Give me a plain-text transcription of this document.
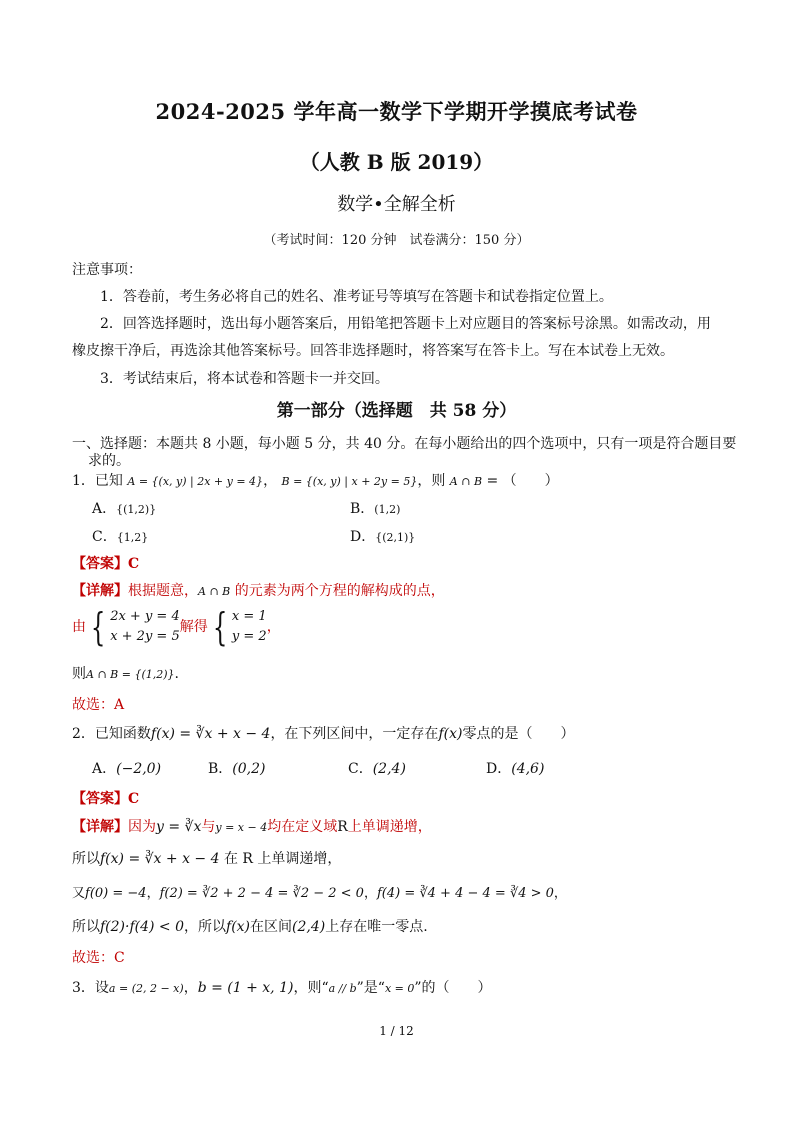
2024-2025 学年高一数学下学期开学摸底考试卷
（人教 B 版 2019）
数学•全解全析
（考试时间：120 分钟　试卷满分：150 分）
注意事项：
1．答卷前，考生务必将自己的姓名、准考证号等填写在答题卡和试卷指定位置上。
2．回答选择题时，选出每小题答案后，用铅笔把答题卡上对应题目的答案标号涂黑。如需改动，用
橡皮擦干净后，再选涂其他答案标号。回答非选择题时，将答案写在答卡上。写在本试卷上无效。
3．考试结束后，将本试卷和答题卡一并交回。
第一部分（选择题　共 58 分）
一、选择题：本题共 8 小题，每小题 5 分，共 40 分。在每小题给出的四个选项中，只有一项是符合题目要
求的。
1．已知 A = {(x, y) | 2x + y = 4}， B = {(x, y) | x + 2y = 5}，则 A ∩ B = （　　）
A．{(1,2)}	B．(1,2)
C．{1,2}	D．{(2,1)}
【答案】C
【详解】根据题意，A ∩ B 的元素为两个方程的解构成的点，
由 { 2x + y = 4
x + 2y = 5解得 { x = 1
y = 2，
则A ∩ B = {(1,2)}.
故选：A
2．已知函数f(x) = ∛x + x − 4，在下列区间中，一定存在f(x)零点的是（　　）
A．(−2,0)	B．(0,2)	C．(2,4)	D．(4,6)
【答案】C
【详解】因为y = ∛x与y = x − 4均在定义域R上单调递增，
所以f(x) = ∛x + x − 4 在 R 上单调递增，
又f(0) = −4，f(2) = ∛2 + 2 − 4 = ∛2 − 2 < 0，f(4) = ∛4 + 4 − 4 = ∛4 > 0，
所以f(2)·f(4) < 0，所以f(x)在区间(2,4)上存在唯一零点.
故选：C
3．设a = (2, 2 − x)，b = (1 + x, 1)，则“a // b”是“x = 0”的（　　）
1 / 12
